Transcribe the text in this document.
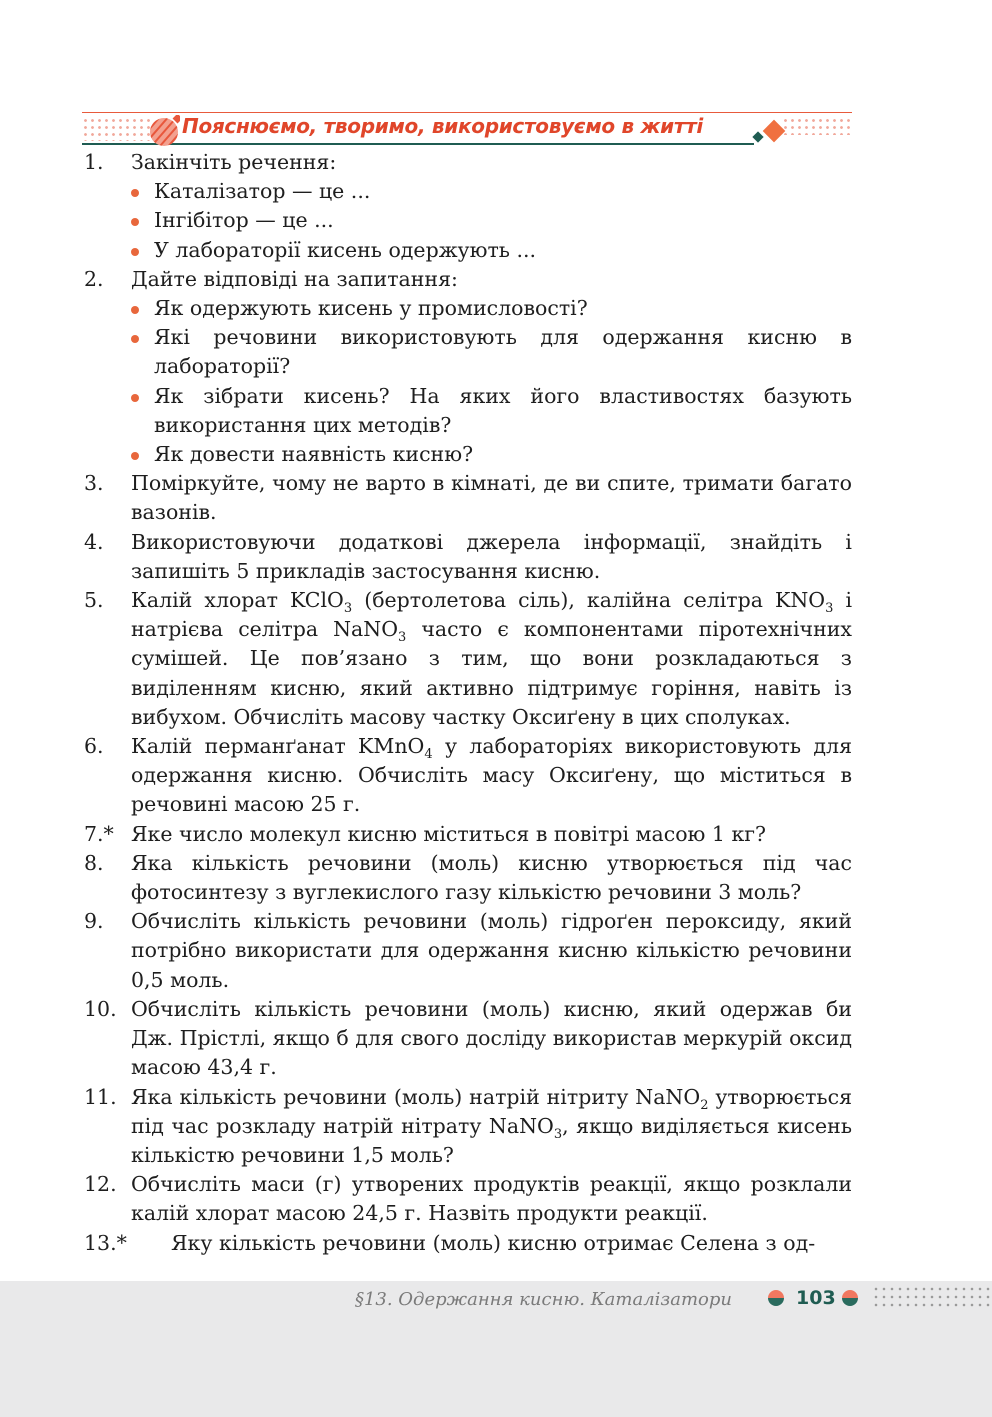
Пояснюємо, творимо, використовуємо в житті
1. Закінчіть речення:
Каталізатор — це ...
Інгібітор — це ...
У лабораторії кисень одержують ...
2. Дайте відповіді на запитання:
Як одержують кисень у промисловості?
Які речовини використовують для одержання кисню в лабораторії?
Як зібрати кисень? На яких його властивостях базують використання цих методів?
Як довести наявність кисню?
3. Поміркуйте, чому не варто в кімнаті, де ви спите, тримати багато вазонів.
4. Використовуючи додаткові джерела інформації, знайдіть і запишіть 5 прикладів застосування кисню.
5. Калій хлорат KClO$_3$ (бертолетова сіль), калійна селітра $KNO_3$ і натрієва селітра NaNO$_3$ часто є компонентами піротехнічних сумішей. Це пов’язано з тим, що вони розкладаються з виділенням кисню, який активно підтримує горіння, навіть із вибухом. Обчисліть масову частку Оксиґену в цих сполуках.
6. Калій перманґанат KMnO$_4$ у лабораторіях використовують для одержання кисню. Обчисліть масу Оксиґену, що міститься в речовині масою 25 г.
7.* Яке число молекул кисню міститься в повітрі масою 1 кг?
8. Яка кількість речовини (моль) кисню утворюється під час фотосинтезу з вуглекислого газу кількістю речовини 3 моль?
9. Обчисліть кількість речовини (моль) гідроґен пероксиду, який потрібно використати для одержання кисню кількістю речовини 0,5 моль.
10. Обчисліть кількість речовини (моль) кисню, який одержав би Дж. Прістлі, якщо б для свого досліду використав меркурій оксид масою 43,4 г.
11. Яка кількість речовини (моль) натрій нітриту NaNO$_2$ утворюється під час розкладу натрій нітрату NaNO$_3$, якщо виділяється кисень кількістю речовини 1,5 моль?
12. Обчисліть маси (г) утворених продуктів реакції, якщо розклали калій хлорат масою 24,5 г. Назвіть продукти реакції.
13.*	Яку кількість речовини (моль) кисню отримає Селена з од-
§13. Одержання кисню. Каталізатори	103
